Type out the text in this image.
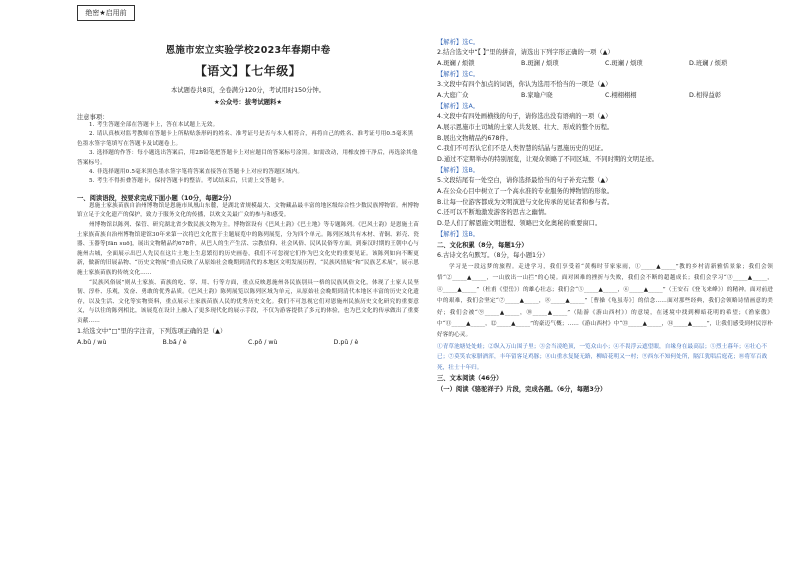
绝密★启用前
恩施市宏立实验学校2023年春期中卷
【语文】【七年级】
本试题卷共8页，全卷满分120分，考试用时150分钟。
★公众号：拔考试题料★
注意事项：

1. 考生答题全部在答题卡上，答在本试题上无效。

2. 请认真核对监考教师在答题卡上所粘贴条形码的姓名、准考证号是否与本人相符合，再将自己的姓名、准考证号用0.5毫米黑色墨水签字笔填写在答题卡及试题卷上。

3. 选择题的作答：每小题选出答案后，用2B铅笔把答题卡上对应题目的答案标号涂黑。如需改动，用橡皮擦干净后，再选涂其他答案标号。

4. 非选择题用0.5毫米黑色墨水签字笔将答案直接答在答题卡上对应的答题区域内。

5. 考生不得折叠答题卡，保持答题卡的整洁。考试结束后，只需上交答题卡。

一、阅读语段，按要求完成下面小题（10分，每题2分）

恩施土家族苗族自治州博物馆是恩施市凤凰山东麓，是湖北省规模最大、文物藏品最丰富的地区级综合性少数民族博物馆。州博物馆立足于文化遗产的保护，致力于服务文化的传播，以欢文关最广众的参与和感受。

州博物馆以陈列、保管、研究湖北省少数民族文物为主。博物馆设有《巴风土韵》《巴土地》等专题陈列。《巴风土韵》是恩施土苗土家族苗族自治州博物馆建馆30年来第一次将巴文化置于主题展览中的陈列展览，分为四个单元。陈列区域共有木材、青铜、彩壳、瓷器、玉器等[fān suō]，展出文物精品约678件，从巴人的生产生活、宗教信仰、社会风俗、民风民俗等方面，到秦汉时期的王朝中心与施州古城，全面展示出巴人先民在这片土地上生息繁衍的历史画卷，我们不可忽视它们作为巴文化史的重要见证。该陈列如向不断更新，做新的旧展品物、“历史文物展”重点反映了从原始社会晚期到清代的本地区文明发展历程，“民族风情展”和“民族艺术展”，展示恩施土家族苗族的传统文化……

“民族风俗展”则从土家族、苗族的吃、穿、用、行等方面，重点反映恩施州各民族别具一格的民族风俗文化，体现了土家人民坚韧、淳朴、乐观，发奋、勇敢的优秀品质。《巴风土韵》陈列展览以陈列区域为单元，从原始社会晚期到清代本地区丰富的历史文化遗存，以及生活、文化等实物资料，重点展示土家族苗族人民的优秀历史文化。我们不可忽视它们对恩施州民族历史文化研究的重要意义，与以往的陈列相比，该展览在设计上融入了更多现代化的展示手段，不仅为游客提供了多元的体验，也为巴文化的传承做出了重要贡献……

1.给选文中“□”里的字注音，下列选项正确的是（▲）
A.bǔ / wù	B.bǎ / è	C.pǒ / wù	D.pǔ / è
【解析】选C。
2.结合选文中“【 】”里的拼音，请选出下列字形正确的一项（▲）
A.斑斓 / 烦锁	B.斑澜 / 烦琐	C.斑斓 / 烦琐	D.班斓 / 烦琐
【解析】选C。
3.文段中有四个加点的词语，你认为选用不恰当的一项是（▲）
A.大庭广众	B.家喻户晓	C.栩栩栩栩	D.相得益彰
【解析】选A。
4.文段中有四处画横线的句子，请你选出没有语病的一项（▲）
A.展示恩施市土司城的土家人共发展、壮大、形成的整个历程。
B.展出文物精品约678件。
C.我们不可否认它们不是人类智慧的结晶与恩施历史的见证。
D.通过不定期举办的特别展览，让观众领略了不同区域、不同时期的文明足迹。
【解析】选B。
5.文段结尾有一处空白，请你选择最恰当的句子补充完整（▲）
A.在公众心目中树立了一个高水准的专业服务的博物馆的形象。
B.让每一位游客都成为文明演进与文化传承的见证者和参与者。
C.还可以不断地激发游客的思古之幽情。
D.是人们了解恩施文明进程、领略巴文化奥秘的重要窗口。
【解析】选B。
二、文化积累（8分，每题1分）
6.古诗文名句默写。（8分，每小题1分）

学习是一段远梦的旅程。走进学习，我们享受着“黄梅时节家家雨，①_____▲_____”教的乡村清新雅恬景象；我们会领悟“②_____▲_____，一山放出一山拦”的心境。面对困难的挫折与失败，我们会不断的超越成长；我们会学习“③_____▲_____，④_____▲_____”（杜甫《望岳》）的雄心壮志；我们会“⑤_____▲_____，⑥_____▲_____”（王安石《登飞来峰》）的精神。面对前进中的艰难，我们会坚定“⑦_____▲_____，⑧_____▲_____”［曹操《龟虽寿》］的信念……面对那些经典，我们会领略诗情画意的美好；我们会被“⑨_____▲_____，⑩_____▲_____”（陆游《游山西村》）的意境，在迷境中找到柳暗花明的希望；《渔家傲》中“⑪_____▲_____，⑫_____▲_____”的豪迈气概；……《游山西村》中“⑬_____▲_____，⑭_____▲_____”，让我们感受到村民淳朴好客的心灵。

①青草池塘处处蛙；②纵入万山围子里；③会当凌绝顶，一览众山小；④不畏浮云遮望眼，自缘身在最高层；⑤烈士暮年；⑥壮心不已；⑦莫笑农家腊酒浑，丰年留客足鸡豚；⑧山重水复疑无路，柳暗花明又一村；⑨西东不知何处所，隔江犹唱后庭花；⑩将军百战死，壮士十年归。

三、文本阅读（46分）
（一）阅读《骆驼祥子》片段，完成各题。（6分，每题3分）
